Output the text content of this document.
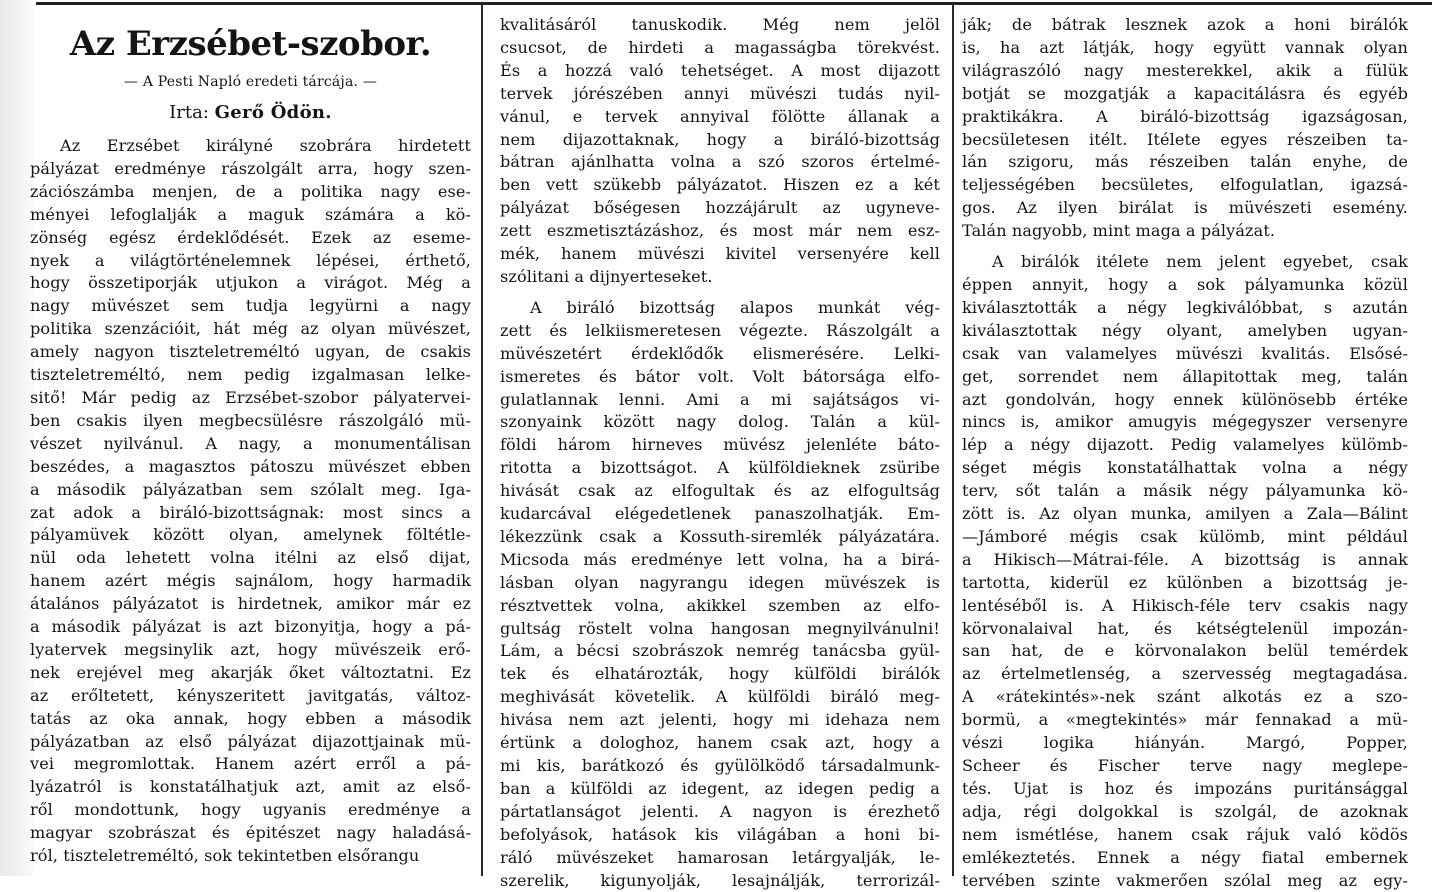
Az Erzsébet-szobor.
— A Pesti Napló eredeti tárcája. —
Irta: Gerő Ödön.

Az Erzsébet királyné szobrára hirdetett

pályázat eredménye rászolgált arra, hogy szen-

zációszámba menjen, de a politika nagy ese-

ményei lefoglalják a maguk számára a kö-

zönség egész érdeklődését. Ezek az eseme-

nyek a világtörténelemnek lépései, érthető,

hogy összetiporják utjukon a virágot. Még a

nagy müvészet sem tudja legyürni a nagy

politika szenzációit, hát még az olyan müvészet,

amely nagyon tiszteletreméltó ugyan, de csakis

tiszteletreméltó, nem pedig izgalmasan lelke-

sitő! Már pedig az Erzsébet-szobor pályatervei-

ben csakis ilyen megbecsülésre rászolgáló mü-

vészet nyilvánul. A nagy, a monumentálisan

beszédes, a magasztos pátoszu müvészet ebben

a második pályázatban sem szólalt meg. Iga-

zat adok a biráló-bizottságnak: most sincs a

pályamüvek között olyan, amelynek föltétle-

nül oda lehetett volna itélni az első dijat,

hanem azért mégis sajnálom, hogy harmadik

átalános pályázatot is hirdetnek, amikor már ez

a második pályázat is azt bizonyitja, hogy a pá-

lyatervek megsinylik azt, hogy müvészeik erő-

nek erejével meg akarják őket változtatni. Ez

az erőltetett, kényszeritett javitgatás, változ-

tatás az oka annak, hogy ebben a második

pályázatban az első pályázat dijazottjainak mü-

vei megromlottak. Hanem azért erről a pá-

lyázatról is konstatálhatjuk azt, amit az első-

ről mondottunk, hogy ugyanis eredménye a

magyar szobrászat és épitészet nagy haladásá-

ról, tiszteletreméltó, sok tekintetben elsőrangu

kvalitásáról tanuskodik. Még nem jelöl

csucsot, de hirdeti a magasságba törekvést.

És a hozzá való tehetséget. A most dijazott

tervek jórészében annyi müvészi tudás nyil-

vánul, e tervek annyival fölötte állanak a

nem dijazottaknak, hogy a biráló-bizottság

bátran ajánlhatta volna a szó szoros értelmé-

ben vett szükebb pályázatot. Hiszen ez a két

pályázat bőségesen hozzájárult az ugyneve-

zett eszmetisztázáshoz, és most már nem esz-

mék, hanem müvészi kivitel versenyére kell

szólitani a dijnyerteseket.

A biráló bizottság alapos munkát vég-

zett és lelkiismeretesen végezte. Rászolgált a

müvészetért érdeklődők elismerésére. Lelki-

ismeretes és bátor volt. Volt bátorsága elfo-

gulatlannak lenni. Ami a mi sajátságos vi-

szonyaink között nagy dolog. Talán a kül-

földi három hirneves müvész jelenléte báto-

ritotta a bizottságot. A külföldieknek zsüribe

hivását csak az elfogultak és az elfogultság

kudarcával elégedetlenek panaszolhatják. Em-

lékezzünk csak a Kossuth-siremlék pályázatára.

Micsoda más eredménye lett volna, ha a birá-

lásban olyan nagyrangu idegen müvészek is

résztvettek volna, akikkel szemben az elfo-

gultság röstelt volna hangosan megnyilvánulni!

Lám, a bécsi szobrászok nemrég tanácsba gyül-

tek és elhatározták, hogy külföldi birálók

meghivását követelik. A külföldi biráló meg-

hivása nem azt jelenti, hogy mi idehaza nem

értünk a dologhoz, hanem csak azt, hogy a

mi kis, barátkozó és gyülölködő társadalmunk-

ban a külföldi az idegent, az idegen pedig a

pártatlanságot jelenti. A nagyon is érezhető

befolyások, hatások kis világában a honi bi-

ráló müvészeket hamarosan letárgyalják, le-

szerelik, kigunyolják, lesajnálják, terrorizál-

ják; de bátrak lesznek azok a honi birálók

is, ha azt látják, hogy együtt vannak olyan

világraszóló nagy mesterekkel, akik a fülük

botját se mozgatják a kapacitálásra és egyéb

praktikákra. A biráló-bizottság igazságosan,

becsületesen itélt. Itélete egyes részeiben ta-

lán szigoru, más részeiben talán enyhe, de

teljességében becsületes, elfogulatlan, igazsá-

gos. Az ilyen birálat is müvészeti esemény.

Talán nagyobb, mint maga a pályázat.

A birálók itélete nem jelent egyebet, csak

éppen annyit, hogy a sok pályamunka közül

kiválasztották a négy legkiválóbbat, s azután

kiválasztottak négy olyant, amelyben ugyan-

csak van valamelyes müvészi kvalitás. Elsősé-

get, sorrendet nem állapitottak meg, talán

azt gondolván, hogy ennek különösebb értéke

nincs is, amikor amugyis mégegyszer versenyre

lép a négy dijazott. Pedig valamelyes külömb-

séget mégis konstatálhattak volna a négy

terv, sőt talán a másik négy pályamunka kö-

zött is. Az olyan munka, amilyen a Zala—Bálint

—Jámboré mégis csak külömb, mint például

a Hikisch—Mátrai-féle. A bizottság is annak

tartotta, kiderül ez különben a bizottság je-

lentéséből is. A Hikisch-féle terv csakis nagy

körvonalaival hat, és kétségtelenül impozán-

san hat, de e körvonalakon belül temérdek

az értelmetlenség, a szervesség megtagadása.

A «rátekintés»-nek szánt alkotás ez a szo-

bormü, a «megtekintés» már fennakad a mü-

vészi logika hiányán. Margó, Popper,

Scheer és Fischer terve nagy meglepe-

tés. Ujat is hoz és impozáns puritánsággal

adja, régi dolgokkal is szolgál, de azoknak

nem ismétlése, hanem csak rájuk való ködös

emlékeztetés. Ennek a négy fiatal embernek

tervében szinte vakmerően szólal meg az egy-
